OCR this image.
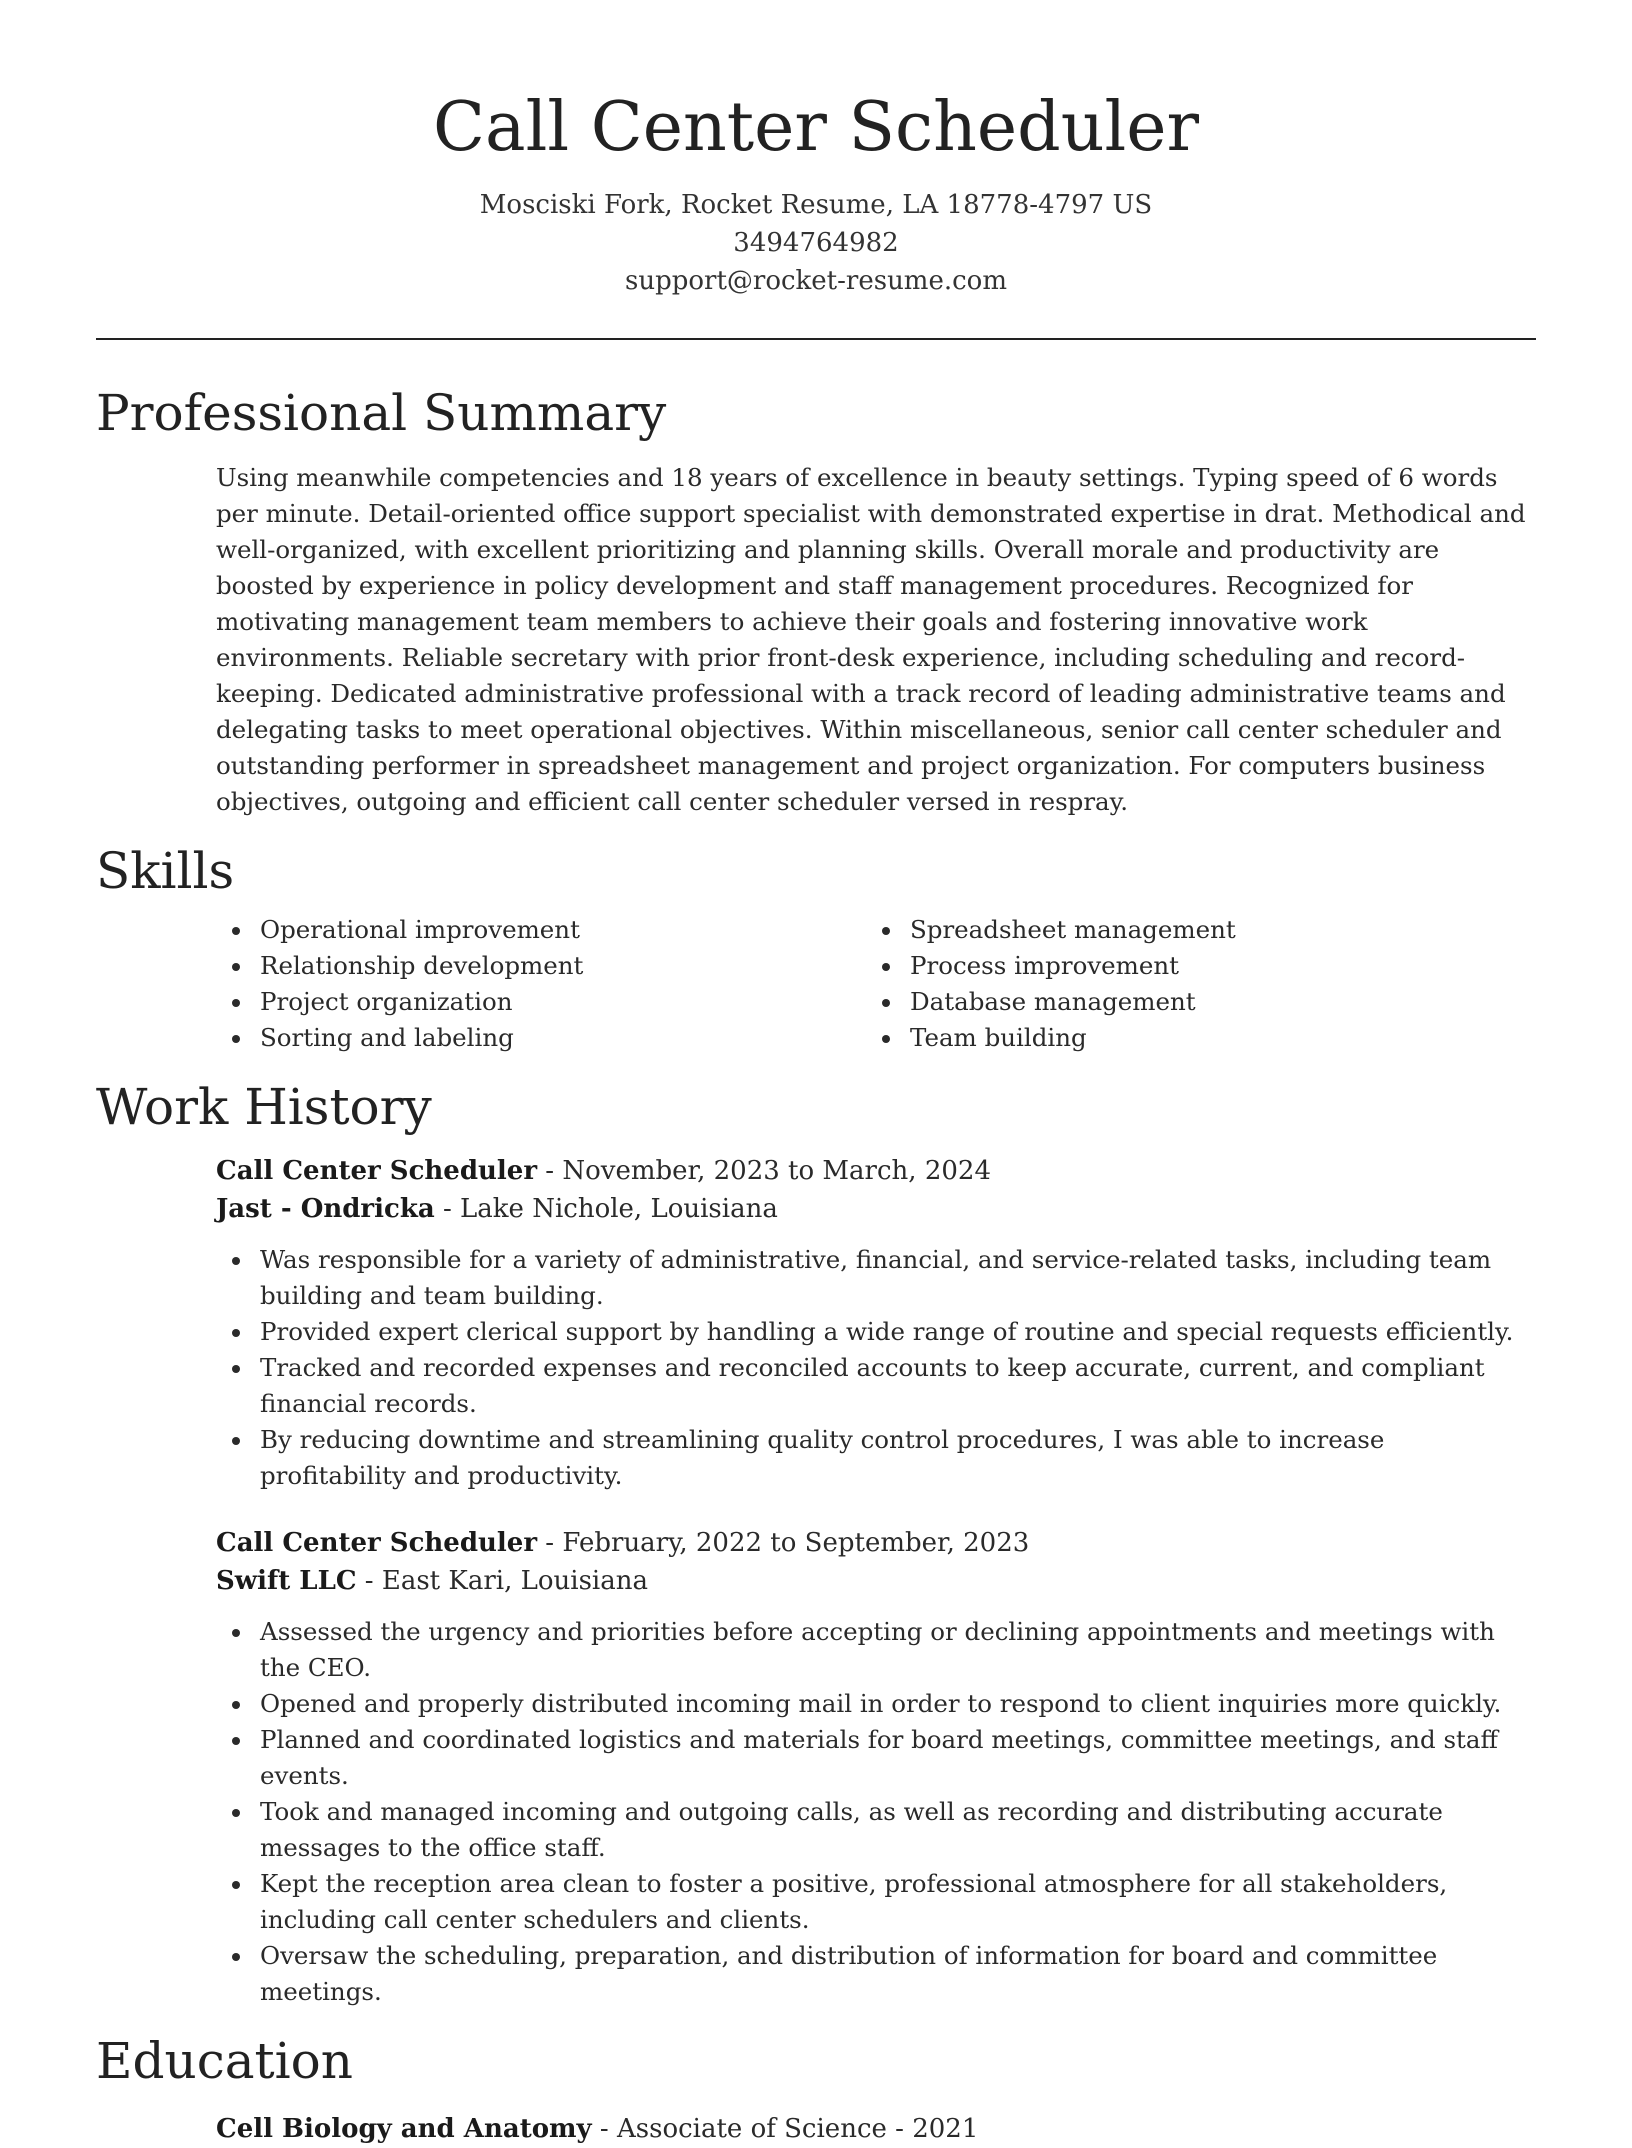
Call Center Scheduler
Mosciski Fork, Rocket Resume, LA 18778-4797 US
3494764982
support@rocket-resume.com
Professional Summary

Using meanwhile competencies and 18 years of excellence in beauty settings. Typing speed of 6 words per minute. Detail-oriented office support specialist with demonstrated expertise in drat. Methodical and well-organized, with excellent prioritizing and planning skills. Overall morale and productivity are boosted by experience in policy development and staff management procedures. Recognized for motivating management team members to achieve their goals and fostering innovative work environments. Reliable secretary with prior front-desk experience, including scheduling and record-keeping. Dedicated administrative professional with a track record of leading administrative teams and delegating tasks to meet operational objectives. Within miscellaneous, senior call center scheduler and outstanding performer in spreadsheet management and project organization. For computers business objectives, outgoing and efficient call center scheduler versed in respray.

Skills
Operational improvement
Relationship development
Project organization
Sorting and labeling
Spreadsheet management
Process improvement
Database management
Team building
Work History
Call Center Scheduler - November, 2023 to March, 2024
Jast - Ondricka - Lake Nichole, Louisiana
Was responsible for a variety of administrative, financial, and service-related tasks, including team building and team building.
Provided expert clerical support by handling a wide range of routine and special requests efficiently.
Tracked and recorded expenses and reconciled accounts to keep accurate, current, and compliant financial records.
By reducing downtime and streamlining quality control procedures, I was able to increase profitability and productivity.
Call Center Scheduler - February, 2022 to September, 2023
Swift LLC - East Kari, Louisiana
Assessed the urgency and priorities before accepting or declining appointments and meetings with the CEO.
Opened and properly distributed incoming mail in order to respond to client inquiries more quickly.
Planned and coordinated logistics and materials for board meetings, committee meetings, and staff events.
Took and managed incoming and outgoing calls, as well as recording and distributing accurate messages to the office staff.
Kept the reception area clean to foster a positive, professional atmosphere for all stakeholders, including call center schedulers and clients.
Oversaw the scheduling, preparation, and distribution of information for board and committee meetings.
Education
Cell Biology and Anatomy - Associate of Science - 2021
